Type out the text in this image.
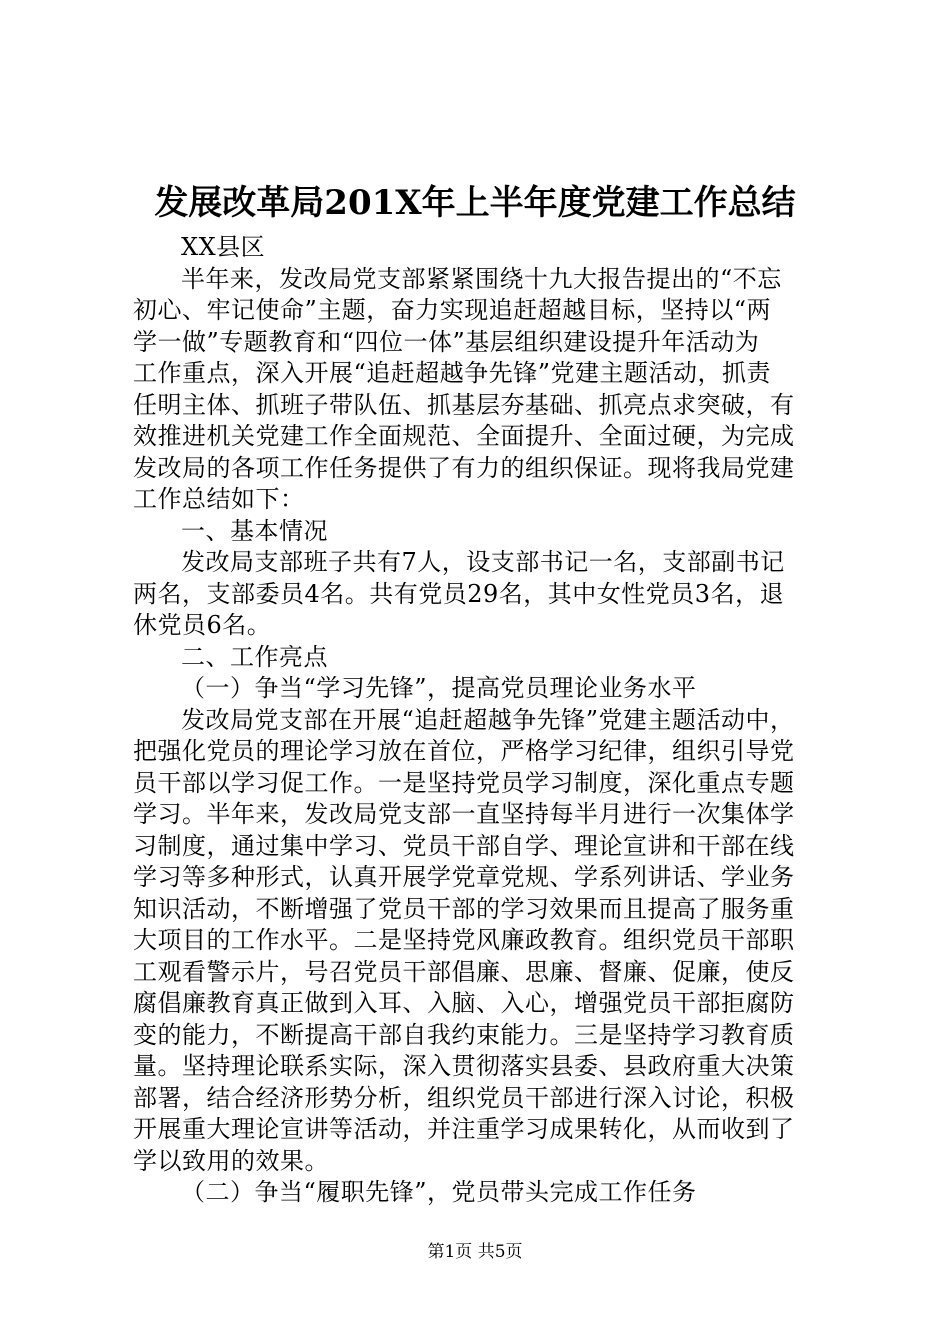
发展改革局201X年上半年度党建工作总结
XX县区
半年来，发改局党支部紧紧围绕十九大报告提出的“不忘
初心、牢记使命”主题，奋力实现追赶超越目标，坚持以“两
学一做”专题教育和“四位一体”基层组织建设提升年活动为
工作重点，深入开展“追赶超越争先锋”党建主题活动，抓责
任明主体、抓班子带队伍、抓基层夯基础、抓亮点求突破，有
效推进机关党建工作全面规范、全面提升、全面过硬，为完成
发改局的各项工作任务提供了有力的组织保证。现将我局党建
工作总结如下：
一、基本情况
发改局支部班子共有7人，设支部书记一名，支部副书记
两名，支部委员4名。共有党员29名，其中女性党员3名，退
休党员6名。
二、工作亮点
（一）争当“学习先锋”，提高党员理论业务水平
发改局党支部在开展“追赶超越争先锋”党建主题活动中，
把强化党员的理论学习放在首位，严格学习纪律，组织引导党
员干部以学习促工作。一是坚持党员学习制度，深化重点专题
学习。半年来，发改局党支部一直坚持每半月进行一次集体学
习制度，通过集中学习、党员干部自学、理论宣讲和干部在线
学习等多种形式，认真开展学党章党规、学系列讲话、学业务
知识活动，不断增强了党员干部的学习效果而且提高了服务重
大项目的工作水平。二是坚持党风廉政教育。组织党员干部职
工观看警示片，号召党员干部倡廉、思廉、督廉、促廉，使反
腐倡廉教育真正做到入耳、入脑、入心，增强党员干部拒腐防
变的能力，不断提高干部自我约束能力。三是坚持学习教育质
量。坚持理论联系实际，深入贯彻落实县委、县政府重大决策
部署，结合经济形势分析，组织党员干部进行深入讨论，积极
开展重大理论宣讲等活动，并注重学习成果转化，从而收到了
学以致用的效果。
（二）争当“履职先锋”，党员带头完成工作任务
第1页 共5页
